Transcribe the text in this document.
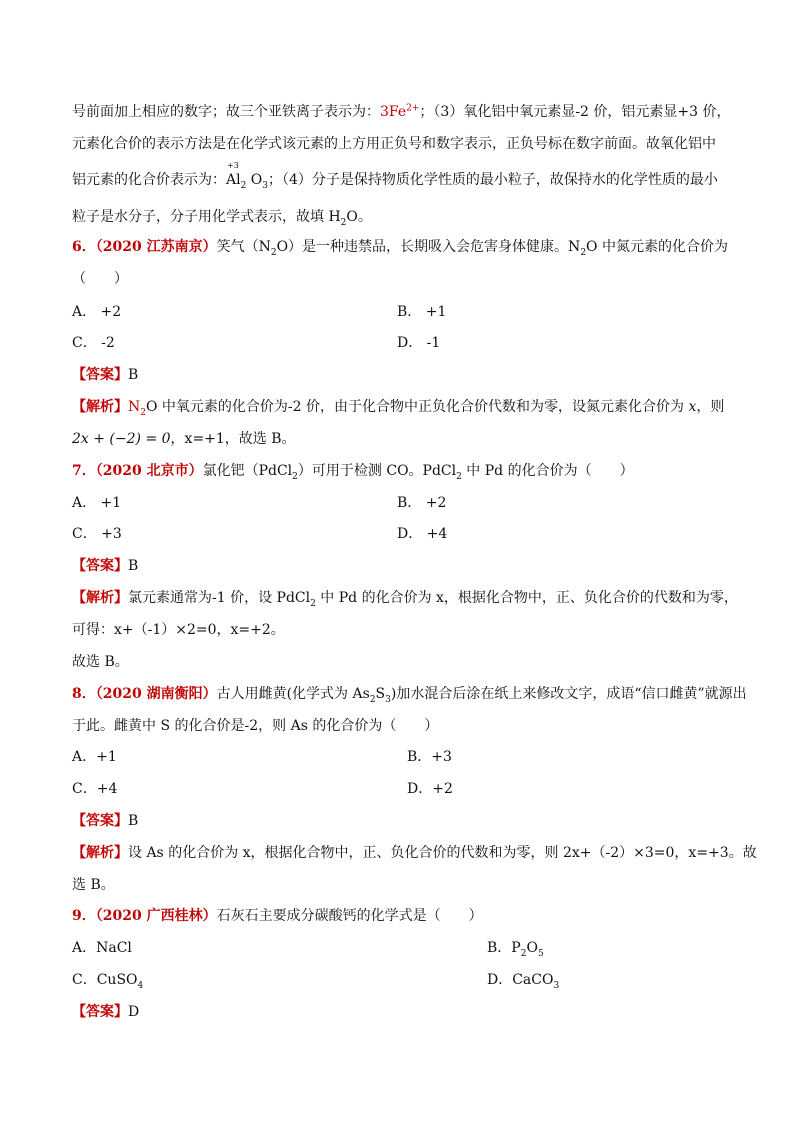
号前面加上相应的数字；故三个亚铁离子表示为：$3Fe^{2+}$；（3）氧化铝中氧元素显-2 价，铝元素显+3 价，
元素化合价的表示方法是在化学式该元素的上方用正负号和数字表示，正负号标在数字前面。故氧化铝中
铝元素的化合价表示为：
+3
$Al_2$ $O_3$；（4）分子是保持物质化学性质的最小粒子，故保持水的化学性质的最小
粒子是水分子，分子用化学式表示，故填 $H_2O$。
6．（2020 江苏南京）笑气$(N_2O)$是一种违禁品，长期吸入会危害身体健康。$N_2O$ 中氮元素的化合价为
（　　）
A． +2	B． +1
C． -2	D． -1
【答案】B
【解析】$N_2O$ 中氧元素的化合价为-2 价，由于化合物中正负化合价代数和为零，设氮元素化合价为 x，则
2x + (−2) = 0，x=+1，故选 B。
7．（2020 北京市）氯化钯（PdCl$_2$）可用于检测 CO。PdCl$_2$ 中 Pd 的化合价为（　　）
A． +1	B． +2
C． +3	D． +4
【答案】B
【解析】氯元素通常为-1 价，设 PdCl$_2$ 中 Pd 的化合价为 x，根据化合物中，正、负化合价的代数和为零，
可得：x+（-1）×2=0，x=+2。
故选 B。
8．（2020 湖南衡阳）古人用雌黄(化学式为 $As_2S_3$)加水混合后涂在纸上来修改文字，成语“信口雌黄”就源出
于此。雌黄中 S 的化合价是-2，则 As 的化合价为（　　）
A．+1	B．+3
C．+4	D．+2
【答案】B
【解析】设 As 的化合价为 x，根据化合物中，正、负化合价的代数和为零，则 2x+（-2）×3=0，x=+3。故
选 B。
9．（2020 广西桂林）石灰石主要成分碳酸钙的化学式是（　　）
A．NaCl	B．$P_2O_5$
C．CuSO$_4$	D．CaCO$_3$
【答案】D
